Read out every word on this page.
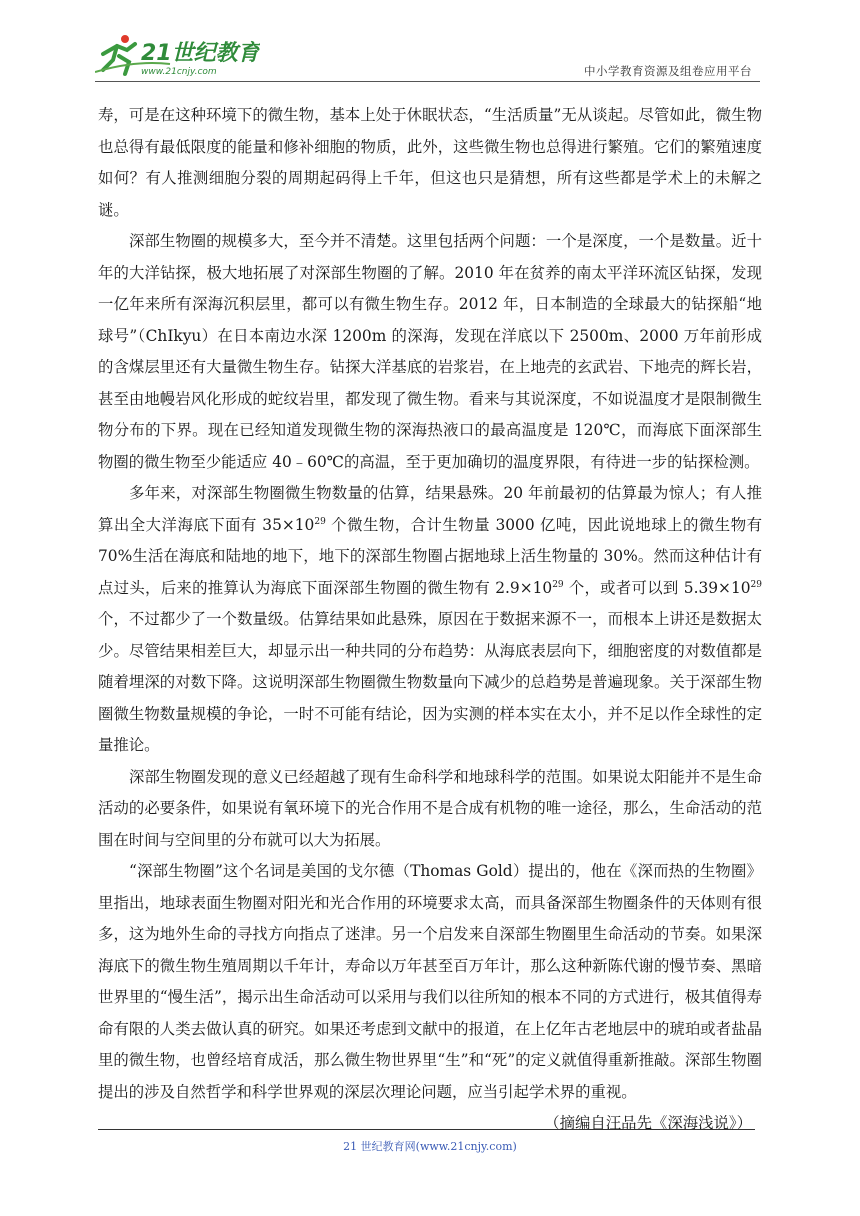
21世纪教育
www.21cnjy.com	中小学教育资源及组卷应用平台

寿，可是在这种环境下的微生物，基本上处于休眠状态，“生活质量”无从谈起。尽管如此，微生物也总得有最低限度的能量和修补细胞的物质，此外，这些微生物也总得进行繁殖。它们的繁殖速度如何？有人推测细胞分裂的周期起码得上千年，但这也只是猜想，所有这些都是学术上的未解之谜。

深部生物圈的规模多大，至今并不清楚。这里包括两个问题：一个是深度，一个是数量。近十年的大洋钻探，极大地拓展了对深部生物圈的了解。2010 年在贫养的南太平洋环流区钻探，发现一亿年来所有深海沉积层里，都可以有微生物生存。2012 年，日本制造的全球最大的钻探船“地球号”（ChIkyu）在日本南边水深 1200m 的深海，发现在洋底以下 2500m、2000 万年前形成的含煤层里还有大量微生物生存。钻探大洋基底的岩浆岩，在上地壳的玄武岩、下地壳的辉长岩，甚至由地幔岩风化形成的蛇纹岩里，都发现了微生物。看来与其说深度，不如说温度才是限制微生物分布的下界。现在已经知道发现微生物的深海热液口的最高温度是 120℃，而海底下面深部生物圈的微生物至少能适应 40﹣60℃的高温，至于更加确切的温度界限，有待进一步的钻探检测。

多年来，对深部生物圈微生物数量的估算，结果悬殊。20 年前最初的估算最为惊人；有人推算出全大洋海底下面有 $35\times 10^{29}$ 个微生物，合计生物量 3000 亿吨，因此说地球上的微生物有 70%生活在海底和陆地的地下，地下的深部生物圈占据地球上活生物量的 30%。然而这种估计有点过头，后来的推算认为海底下面深部生物圈的微生物有 $2.9\times 10^{29}$ 个，或者可以到 $5.39\times 10^{29}$ 个，不过都少了一个数量级。估算结果如此悬殊，原因在于数据来源不一，而根本上讲还是数据太少。尽管结果相差巨大，却显示出一种共同的分布趋势：从海底表层向下，细胞密度的对数值都是随着埋深的对数下降。这说明深部生物圈微生物数量向下减少的总趋势是普遍现象。关于深部生物圈微生物数量规模的争论，一时不可能有结论，因为实测的样本实在太小，并不足以作全球性的定量推论。

深部生物圈发现的意义已经超越了现有生命科学和地球科学的范围。如果说太阳能并不是生命活动的必要条件，如果说有氧环境下的光合作用不是合成有机物的唯一途径，那么，生命活动的范围在时间与空间里的分布就可以大为拓展。

“深部生物圈”这个名词是美国的戈尔德（Thomas Gold）提出的，他在《深而热的生物圈》里指出，地球表面生物圈对阳光和光合作用的环境要求太高，而具备深部生物圈条件的天体则有很多，这为地外生命的寻找方向指点了迷津。另一个启发来自深部生物圈里生命活动的节奏。如果深海底下的微生物生殖周期以千年计，寿命以万年甚至百万年计，那么这种新陈代谢的慢节奏、黑暗世界里的“慢生活”，揭示出生命活动可以采用与我们以往所知的根本不同的方式进行，极其值得寿命有限的人类去做认真的研究。如果还考虑到文献中的报道，在上亿年古老地层中的琥珀或者盐晶里的微生物，也曾经培育成活，那么微生物世界里“生”和“死”的定义就值得重新推敲。深部生物圈提出的涉及自然哲学和科学世界观的深层次理论问题，应当引起学术界的重视。

（摘编自汪品先《深海浅说》）

21 世纪教育网(www.21cnjy.com)
